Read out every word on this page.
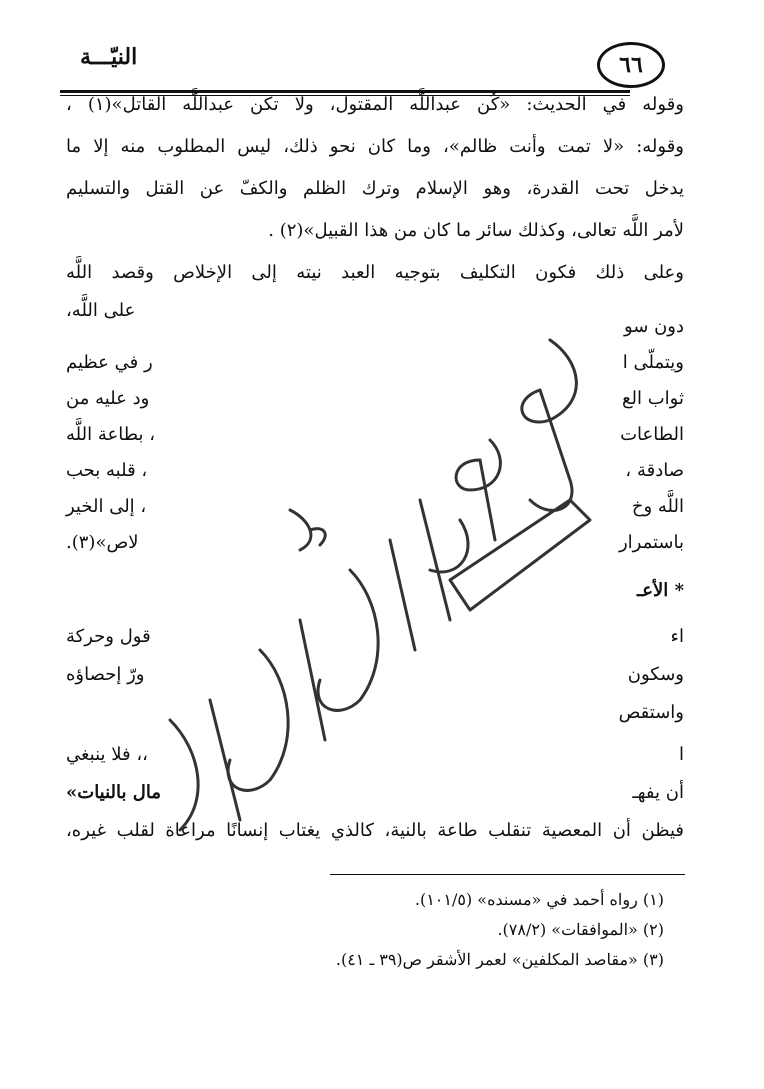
النيّـــة	٦٦
وقوله في الحديث: «كُن عبداللَّه المقتول، ولا تكن عبداللَّه القاتل»(١) ،
وقوله: «لا تمت وأنت ظالم»، وما كان نحو ذلك، ليس المطلوب منه إلا ما
يدخل تحت القدرة، وهو الإسلام وترك الظلم والكفّ عن القتل والتسليم
لأمر اللَّه تعالى، وكذلك سائر ما كان من هذا القبيل»(٢) .
وعلى ذلك فكون التكليف بتوجيه العبد نيته إلى الإخلاص وقصد اللَّه
على اللَّه،
دون سو
ويتملّى ا
ر في عظيم
ثواب الع
ود عليه من
الطاعات
، بطاعة اللَّه
صادقة ،
، قلبه بحب
اللَّه وخ
، إلى الخير
باستمرار
لاص»(٣).
* الأعـ
اء
قول وحركة
وسكون
ورّ إحصاؤه
واستقص
ا
،، فلا ينبغي
أن يفهـ
مال بالنيات»
فيظن أن المعصية تنقلب طاعة بالنية، كالذي يغتاب إنسانًا مراعاة لقلب غيره،
(١) رواه أحمد في «مسنده» (١٠١/٥).
(٢) «الموافقات» (٧٨/٢).
(٣) «مقاصد المكلفين» لعمر الأشقر ص(٣٩ ـ ٤١).
